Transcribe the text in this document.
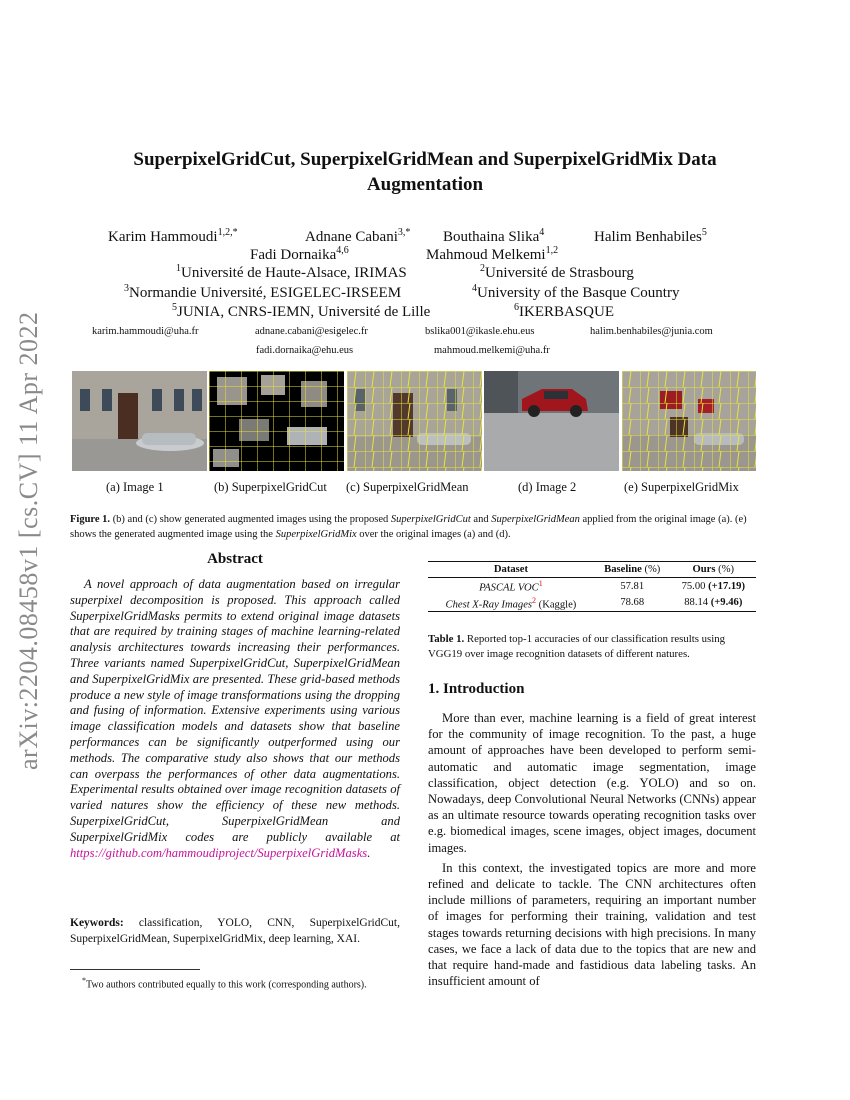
arXiv:2204.08458v1 [cs.CV] 11 Apr 2022
SuperpixelGridCut, SuperpixelGridMean and SuperpixelGridMix Data Augmentation
Karim Hammoudi$^{1,2,*}$	Adnane Cabani$^{3,*}$ Bouthaina Slika$^4$	Halim Benhabiles$^5$
Fadi Dornaika$^{4,6}$	Mahmoud Melkemi$^{1,2}$
$^1$Université de Haute-Alsace, IRIMAS	$^2$Université de Strasbourg
$^3$Normandie Université, ESIGELEC-IRSEEM	$^4$University of the Basque Country
$^5$JUNIA, CNRS-IEMN, Université de Lille	$^6$IKERBASQUE
karim.hammoudi@uha.fr	adnane.cabani@esigelec.fr	bslika001@ikasle.ehu.eus	halim.benhabiles@junia.com
fadi.dornaika@ehu.eus	mahmoud.melkemi@uha.fr
(a) Image 1	(b) SuperpixelGridCut (c) SuperpixelGridMean	(d) Image 2	(e) SuperpixelGridMix
Figure 1. (b) and (c) show generated augmented images using the proposed SuperpixelGridCut and SuperpixelGridMean applied from the original image (a). (e) shows the generated augmented image using the SuperpixelGridMix over the original images (a) and (d).
Abstract
A novel approach of data augmentation based on irregular superpixel decomposition is proposed. This approach called SuperpixelGridMasks permits to extend original image datasets that are required by training stages of machine learning-related analysis architectures towards increasing their performances. Three variants named SuperpixelGridCut, SuperpixelGridMean and SuperpixelGridMix are presented. These grid-based methods produce a new style of image transformations using the dropping and fusing of information. Extensive experiments using various image classification models and datasets show that baseline performances can be significantly outperformed using our methods. The comparative study also shows that our methods can overpass the performances of other data augmentations. Experimental results obtained over image recognition datasets of varied natures show the efficiency of these new methods. SuperpixelGridCut, SuperpixelGridMean and SuperpixelGridMix codes are publicly available at https://github.com/hammoudiproject/SuperpixelGridMasks.
Keywords: classification, YOLO, CNN, SuperpixelGridCut, SuperpixelGridMean, SuperpixelGridMix, deep learning, XAI.
*Two authors contributed equally to this work (corresponding authors).
Dataset	Baseline (%)	Ours (%)
PASCAL VOC$^1$	57.81	75.00 (+17.19)
Chest X-Ray Images$^2$ (Kaggle)	78.68	88.14 (+9.46)
Table 1. Reported top-1 accuracies of our classification results using VGG19 over image recognition datasets of different natures.
1. Introduction

More than ever, machine learning is a field of great interest for the community of image recognition. To the past, a huge amount of approaches have been developed to perform semi-automatic and automatic image segmentation, image classification, object detection (e.g. YOLO) and so on. Nowadays, deep Convolutional Neural Networks (CNNs) appear as an ultimate resource towards operating recognition tasks over e.g. biomedical images, scene images, object images, document images.

In this context, the investigated topics are more and more refined and delicate to tackle. The CNN architectures often include millions of parameters, requiring an important number of images for performing their training, validation and test stages towards returning decisions with high precisions. In many cases, we face a lack of data due to the topics that are new and that require hand-made and fastidious data labeling tasks. An insufficient amount of
